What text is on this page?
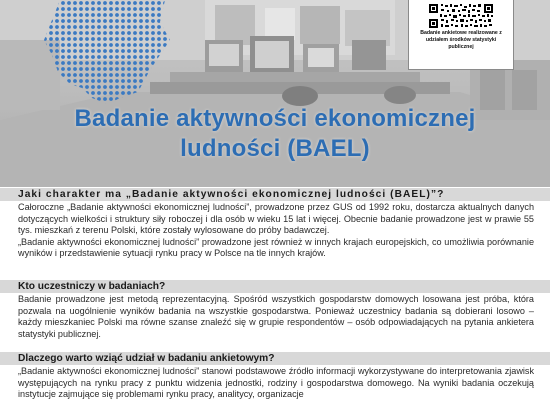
Badanie aktywności ekonomicznej
ludności (BAEL)

Badanie ankietowe realizowane z udziałem środków statystyki publicznej

Jaki charakter ma „Badanie aktywności ekonomicznej ludności (BAEL)”?

Całoroczne „Badanie aktywności ekonomicznej ludności”, prowadzone przez GUS od 1992 roku, dostarcza aktualnych danych dotyczących wielkości i struktury siły roboczej i dla osób w wieku 15 lat i więcej. Obecnie badanie prowadzone jest w prawie 55 tys. mieszkań z terenu Polski, które zostały wylosowane do próby badawczej.

„Badanie aktywności ekonomicznej ludności” prowadzone jest również w innych krajach europejskich, co umożliwia porównanie wyników i przedstawienie sytuacji rynku pracy w Polsce na tle innych krajów.

Kto uczestniczy w badaniach?

Badanie prowadzone jest metodą reprezentacyjną. Spośród wszystkich gospodarstw domowych losowana jest próba, która pozwala na uogólnienie wyników badania na wszystkie gospodarstwa. Ponieważ uczestnicy badania są dobierani losowo – każdy mieszkaniec Polski ma równe szanse znaleźć się w grupie respondentów – osób odpowiadających na pytania ankietera statystyki publicznej.

Dlaczego warto wziąć udział w badaniu ankietowym?

„Badanie aktywności ekonomicznej ludności” stanowi podstawowe źródło informacji wykorzystywane do interpretowania zjawisk występujących na rynku pracy z punktu widzenia jednostki, rodziny i gospodarstwa domowego. Na wyniki badania oczekują instytucje zajmujące się problemami rynku pracy, analitycy, organizacje
